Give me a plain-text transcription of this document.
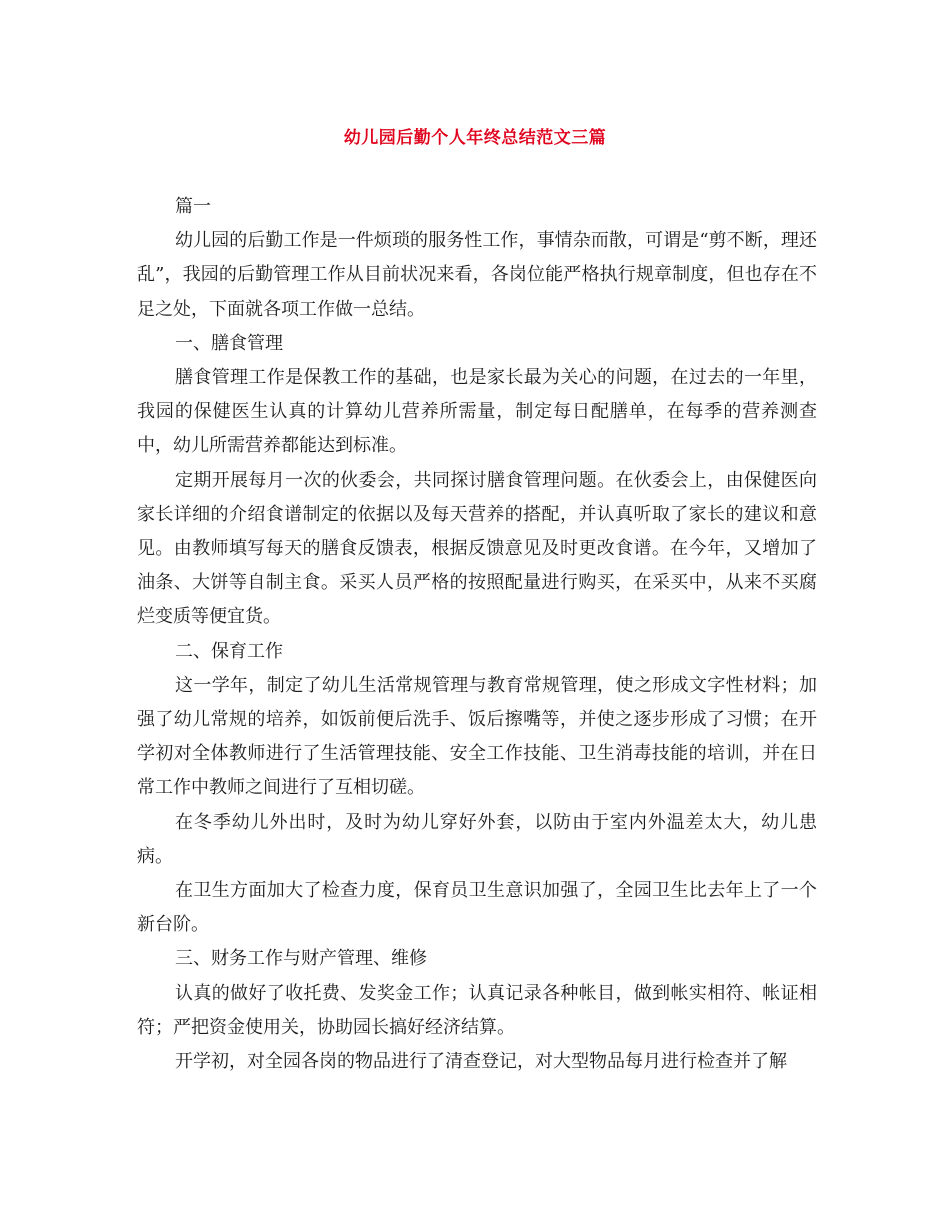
幼儿园后勤个人年终总结范文三篇

篇一

幼儿园的后勤工作是一件烦琐的服务性工作，事情杂而散，可谓是“剪不断，理还乱”，我园的后勤管理工作从目前状况来看，各岗位能严格执行规章制度，但也存在不足之处，下面就各项工作做一总结。

一、膳食管理

膳食管理工作是保教工作的基础，也是家长最为关心的问题，在过去的一年里，我园的保健医生认真的计算幼儿营养所需量，制定每日配膳单，在每季的营养测查中，幼儿所需营养都能达到标准。

定期开展每月一次的伙委会，共同探讨膳食管理问题。在伙委会上，由保健医向家长详细的介绍食谱制定的依据以及每天营养的搭配，并认真听取了家长的建议和意见。由教师填写每天的膳食反馈表，根据反馈意见及时更改食谱。在今年，又增加了油条、大饼等自制主食。采买人员严格的按照配量进行购买，在采买中，从来不买腐烂变质等便宜货。

二、保育工作

这一学年，制定了幼儿生活常规管理与教育常规管理，使之形成文字性材料；加强了幼儿常规的培养，如饭前便后洗手、饭后擦嘴等，并使之逐步形成了习惯；在开学初对全体教师进行了生活管理技能、安全工作技能、卫生消毒技能的培训，并在日常工作中教师之间进行了互相切磋。

在冬季幼儿外出时，及时为幼儿穿好外套，以防由于室内外温差太大，幼儿患病。

在卫生方面加大了检查力度，保育员卫生意识加强了，全园卫生比去年上了一个新台阶。

三、财务工作与财产管理、维修

认真的做好了收托费、发奖金工作；认真记录各种帐目，做到帐实相符、帐证相符；严把资金使用关，协助园长搞好经济结算。

开学初，对全园各岗的物品进行了清查登记，对大型物品每月进行检查并了解
